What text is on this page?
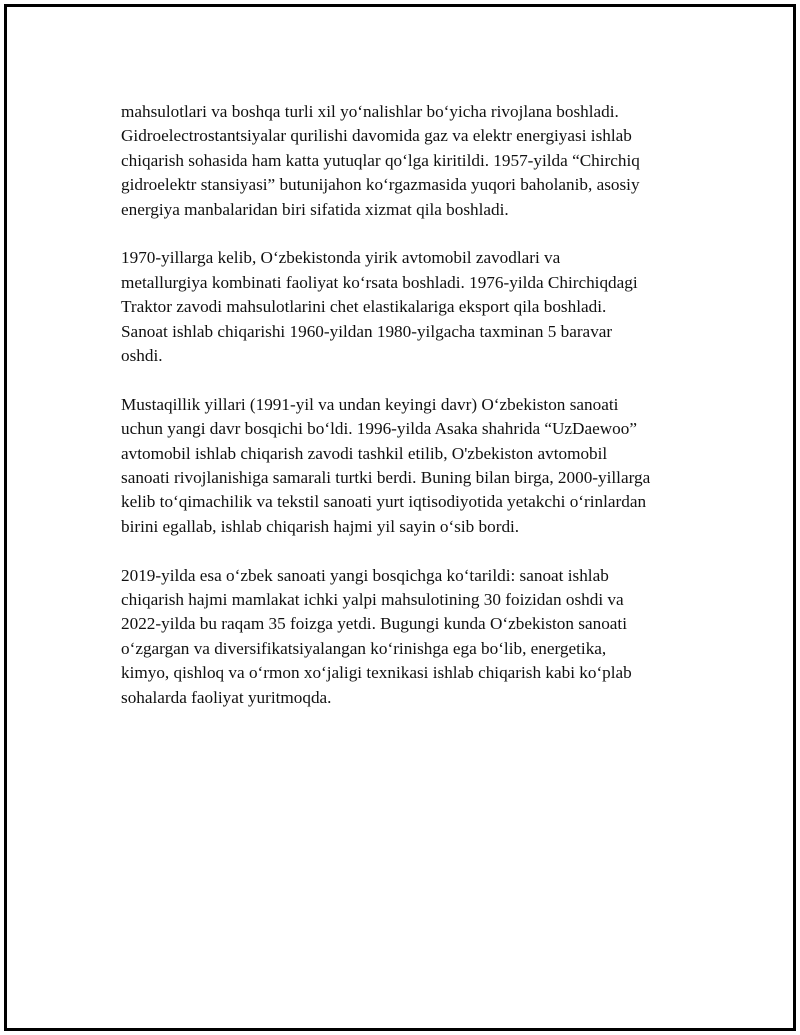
mahsulotlari va boshqa turli xil yo‘nalishlar bo‘yicha rivojlana boshladi.
Gidroelectrostantsiyalar qurilishi davomida gaz va elektr energiyasi ishlab
chiqarish sohasida ham katta yutuqlar qo‘lga kiritildi. 1957-yilda “Chirchiq
gidroelektr stansiyasi” butunijahon ko‘rgazmasida yuqori baholanib, asosiy
energiya manbalaridan biri sifatida xizmat qila boshladi.

1970-yillarga kelib, O‘zbekistonda yirik avtomobil zavodlari va
metallurgiya kombinati faoliyat ko‘rsata boshladi. 1976-yilda Chirchiqdagi
Traktor zavodi mahsulotlarini chet elastikalariga eksport qila boshladi.
Sanoat ishlab chiqarishi 1960-yildan 1980-yilgacha taxminan 5 baravar
oshdi.

Mustaqillik yillari (1991-yil va undan keyingi davr) O‘zbekiston sanoati
uchun yangi davr bosqichi bo‘ldi. 1996-yilda Asaka shahrida “UzDaewoo”
avtomobil ishlab chiqarish zavodi tashkil etilib, O'zbekiston avtomobil
sanoati rivojlanishiga samarali turtki berdi. Buning bilan birga, 2000-yillarga
kelib to‘qimachilik va tekstil sanoati yurt iqtisodiyotida yetakchi o‘rinlardan
birini egallab, ishlab chiqarish hajmi yil sayin o‘sib bordi.

2019-yilda esa o‘zbek sanoati yangi bosqichga ko‘tarildi: sanoat ishlab
chiqarish hajmi mamlakat ichki yalpi mahsulotining 30 foizidan oshdi va
2022-yilda bu raqam 35 foizga yetdi. Bugungi kunda O‘zbekiston sanoati
o‘zgargan va diversifikatsiyalangan ko‘rinishga ega bo‘lib, energetika,
kimyo, qishloq va o‘rmon xo‘jaligi texnikasi ishlab chiqarish kabi ko‘plab
sohalarda faoliyat yuritmoqda.
